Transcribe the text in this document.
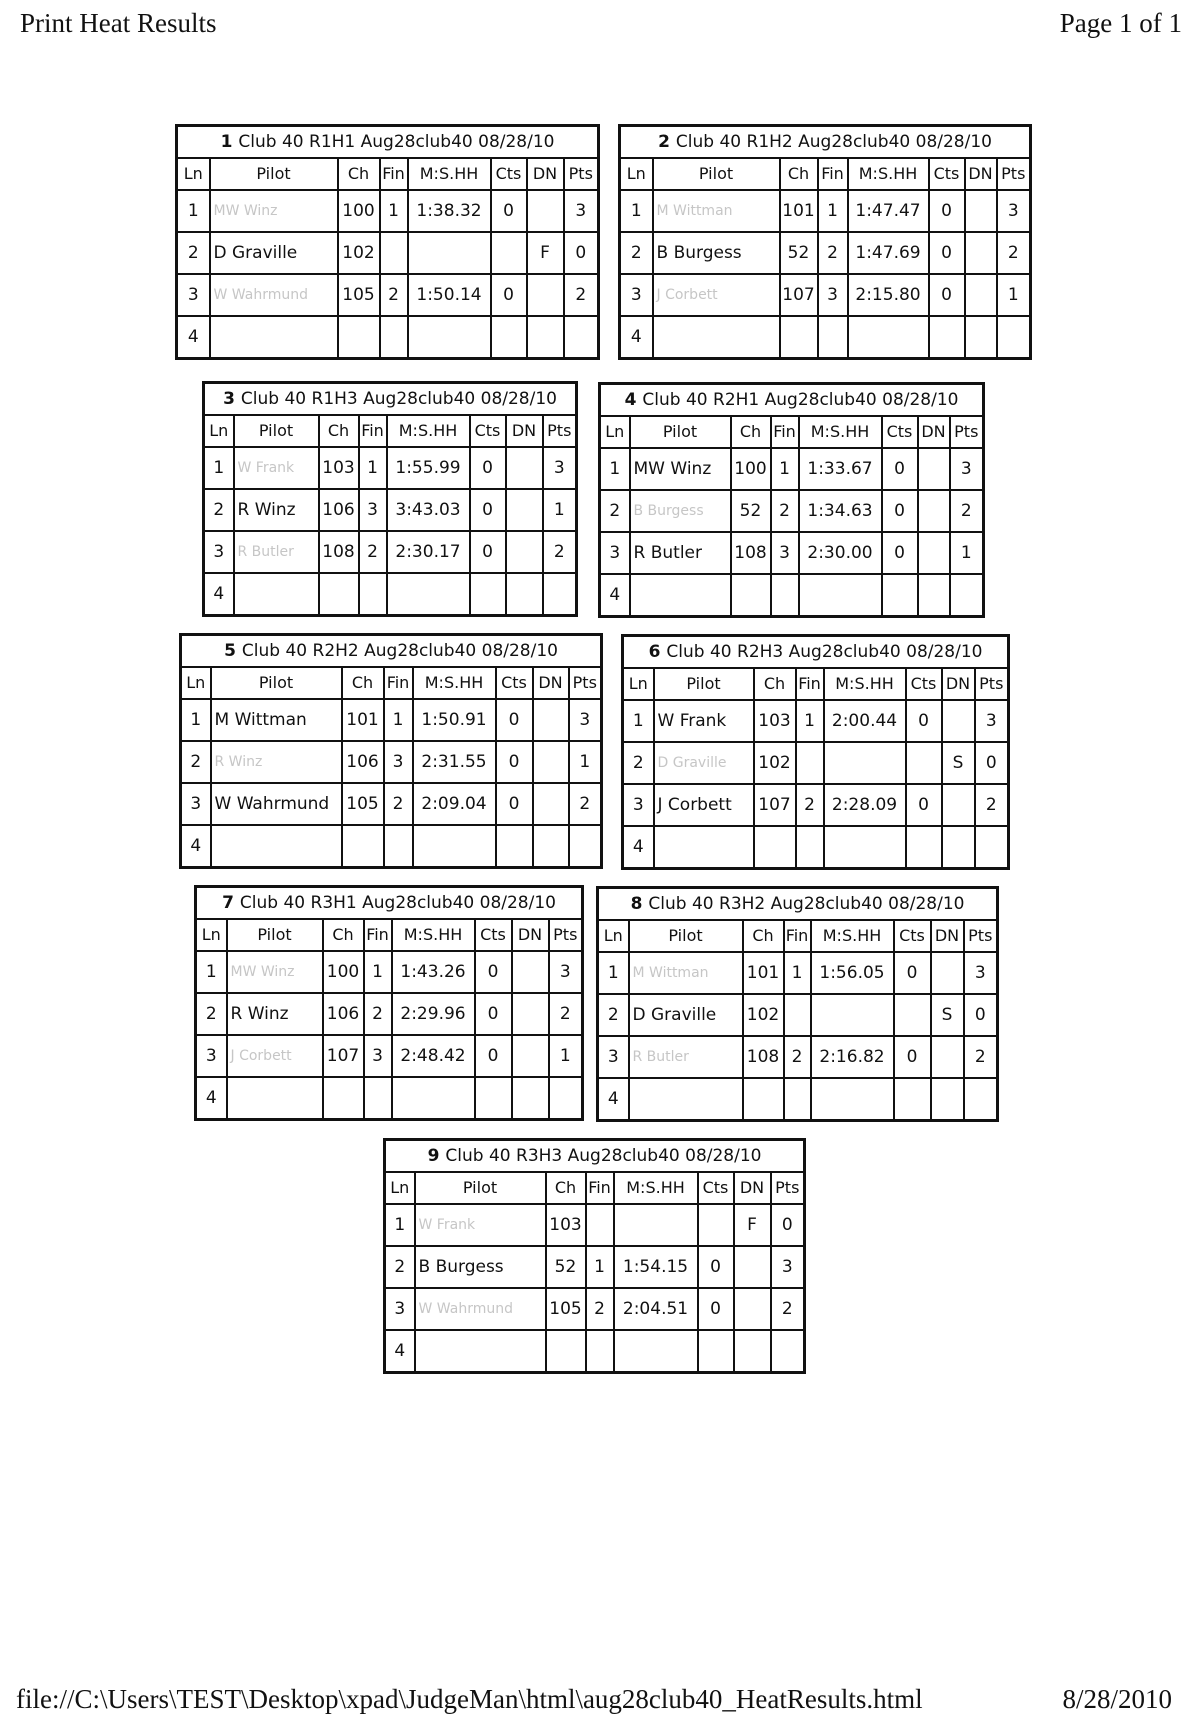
Print Heat Results	Page 1 of 1
1 Club 40 R1H1 Aug28club40 08/28/10							
Ln	Pilot	Ch	Fin	M:S.HH	Cts	DN	Pts
1	MW Winz	100	1	1:38.32	0		3
2	D Graville	102				F	0
3	W Wahrmund	105	2	1:50.14	0		2
4							
2 Club 40 R1H2 Aug28club40 08/28/10							
Ln	Pilot	Ch	Fin	M:S.HH	Cts	DN	Pts
1	M Wittman	101	1	1:47.47	0		3
2	B Burgess	52	2	1:47.69	0		2
3	J Corbett	107	3	2:15.80	0		1
4							
3 Club 40 R1H3 Aug28club40 08/28/10							
Ln	Pilot	Ch	Fin	M:S.HH	Cts	DN	Pts
1	W Frank	103	1	1:55.99	0		3
2	R Winz	106	3	3:43.03	0		1
3	R Butler	108	2	2:30.17	0		2
4							
4 Club 40 R2H1 Aug28club40 08/28/10							
Ln	Pilot	Ch	Fin	M:S.HH	Cts	DN	Pts
1	MW Winz	100	1	1:33.67	0		3
2	B Burgess	52	2	1:34.63	0		2
3	R Butler	108	3	2:30.00	0		1
4							
5 Club 40 R2H2 Aug28club40 08/28/10							
Ln	Pilot	Ch	Fin	M:S.HH	Cts	DN	Pts
1	M Wittman	101	1	1:50.91	0		3
2	R Winz	106	3	2:31.55	0		1
3	W Wahrmund	105	2	2:09.04	0		2
4							
6 Club 40 R2H3 Aug28club40 08/28/10							
Ln	Pilot	Ch	Fin	M:S.HH	Cts	DN	Pts
1	W Frank	103	1	2:00.44	0		3
2	D Graville	102				S	0
3	J Corbett	107	2	2:28.09	0		2
4							
7 Club 40 R3H1 Aug28club40 08/28/10							
Ln	Pilot	Ch	Fin	M:S.HH	Cts	DN	Pts
1	MW Winz	100	1	1:43.26	0		3
2	R Winz	106	2	2:29.96	0		2
3	J Corbett	107	3	2:48.42	0		1
4							
8 Club 40 R3H2 Aug28club40 08/28/10							
Ln	Pilot	Ch	Fin	M:S.HH	Cts	DN	Pts
1	M Wittman	101	1	1:56.05	0		3
2	D Graville	102				S	0
3	R Butler	108	2	2:16.82	0		2
4							
9 Club 40 R3H3 Aug28club40 08/28/10							
Ln	Pilot	Ch	Fin	M:S.HH	Cts	DN	Pts
1	W Frank	103				F	0
2	B Burgess	52	1	1:54.15	0		3
3	W Wahrmund	105	2	2:04.51	0		2
4							
file://C:\Users\TEST\Desktop\xpad\JudgeMan\html\aug28club40_HeatResults.html	8/28/2010
